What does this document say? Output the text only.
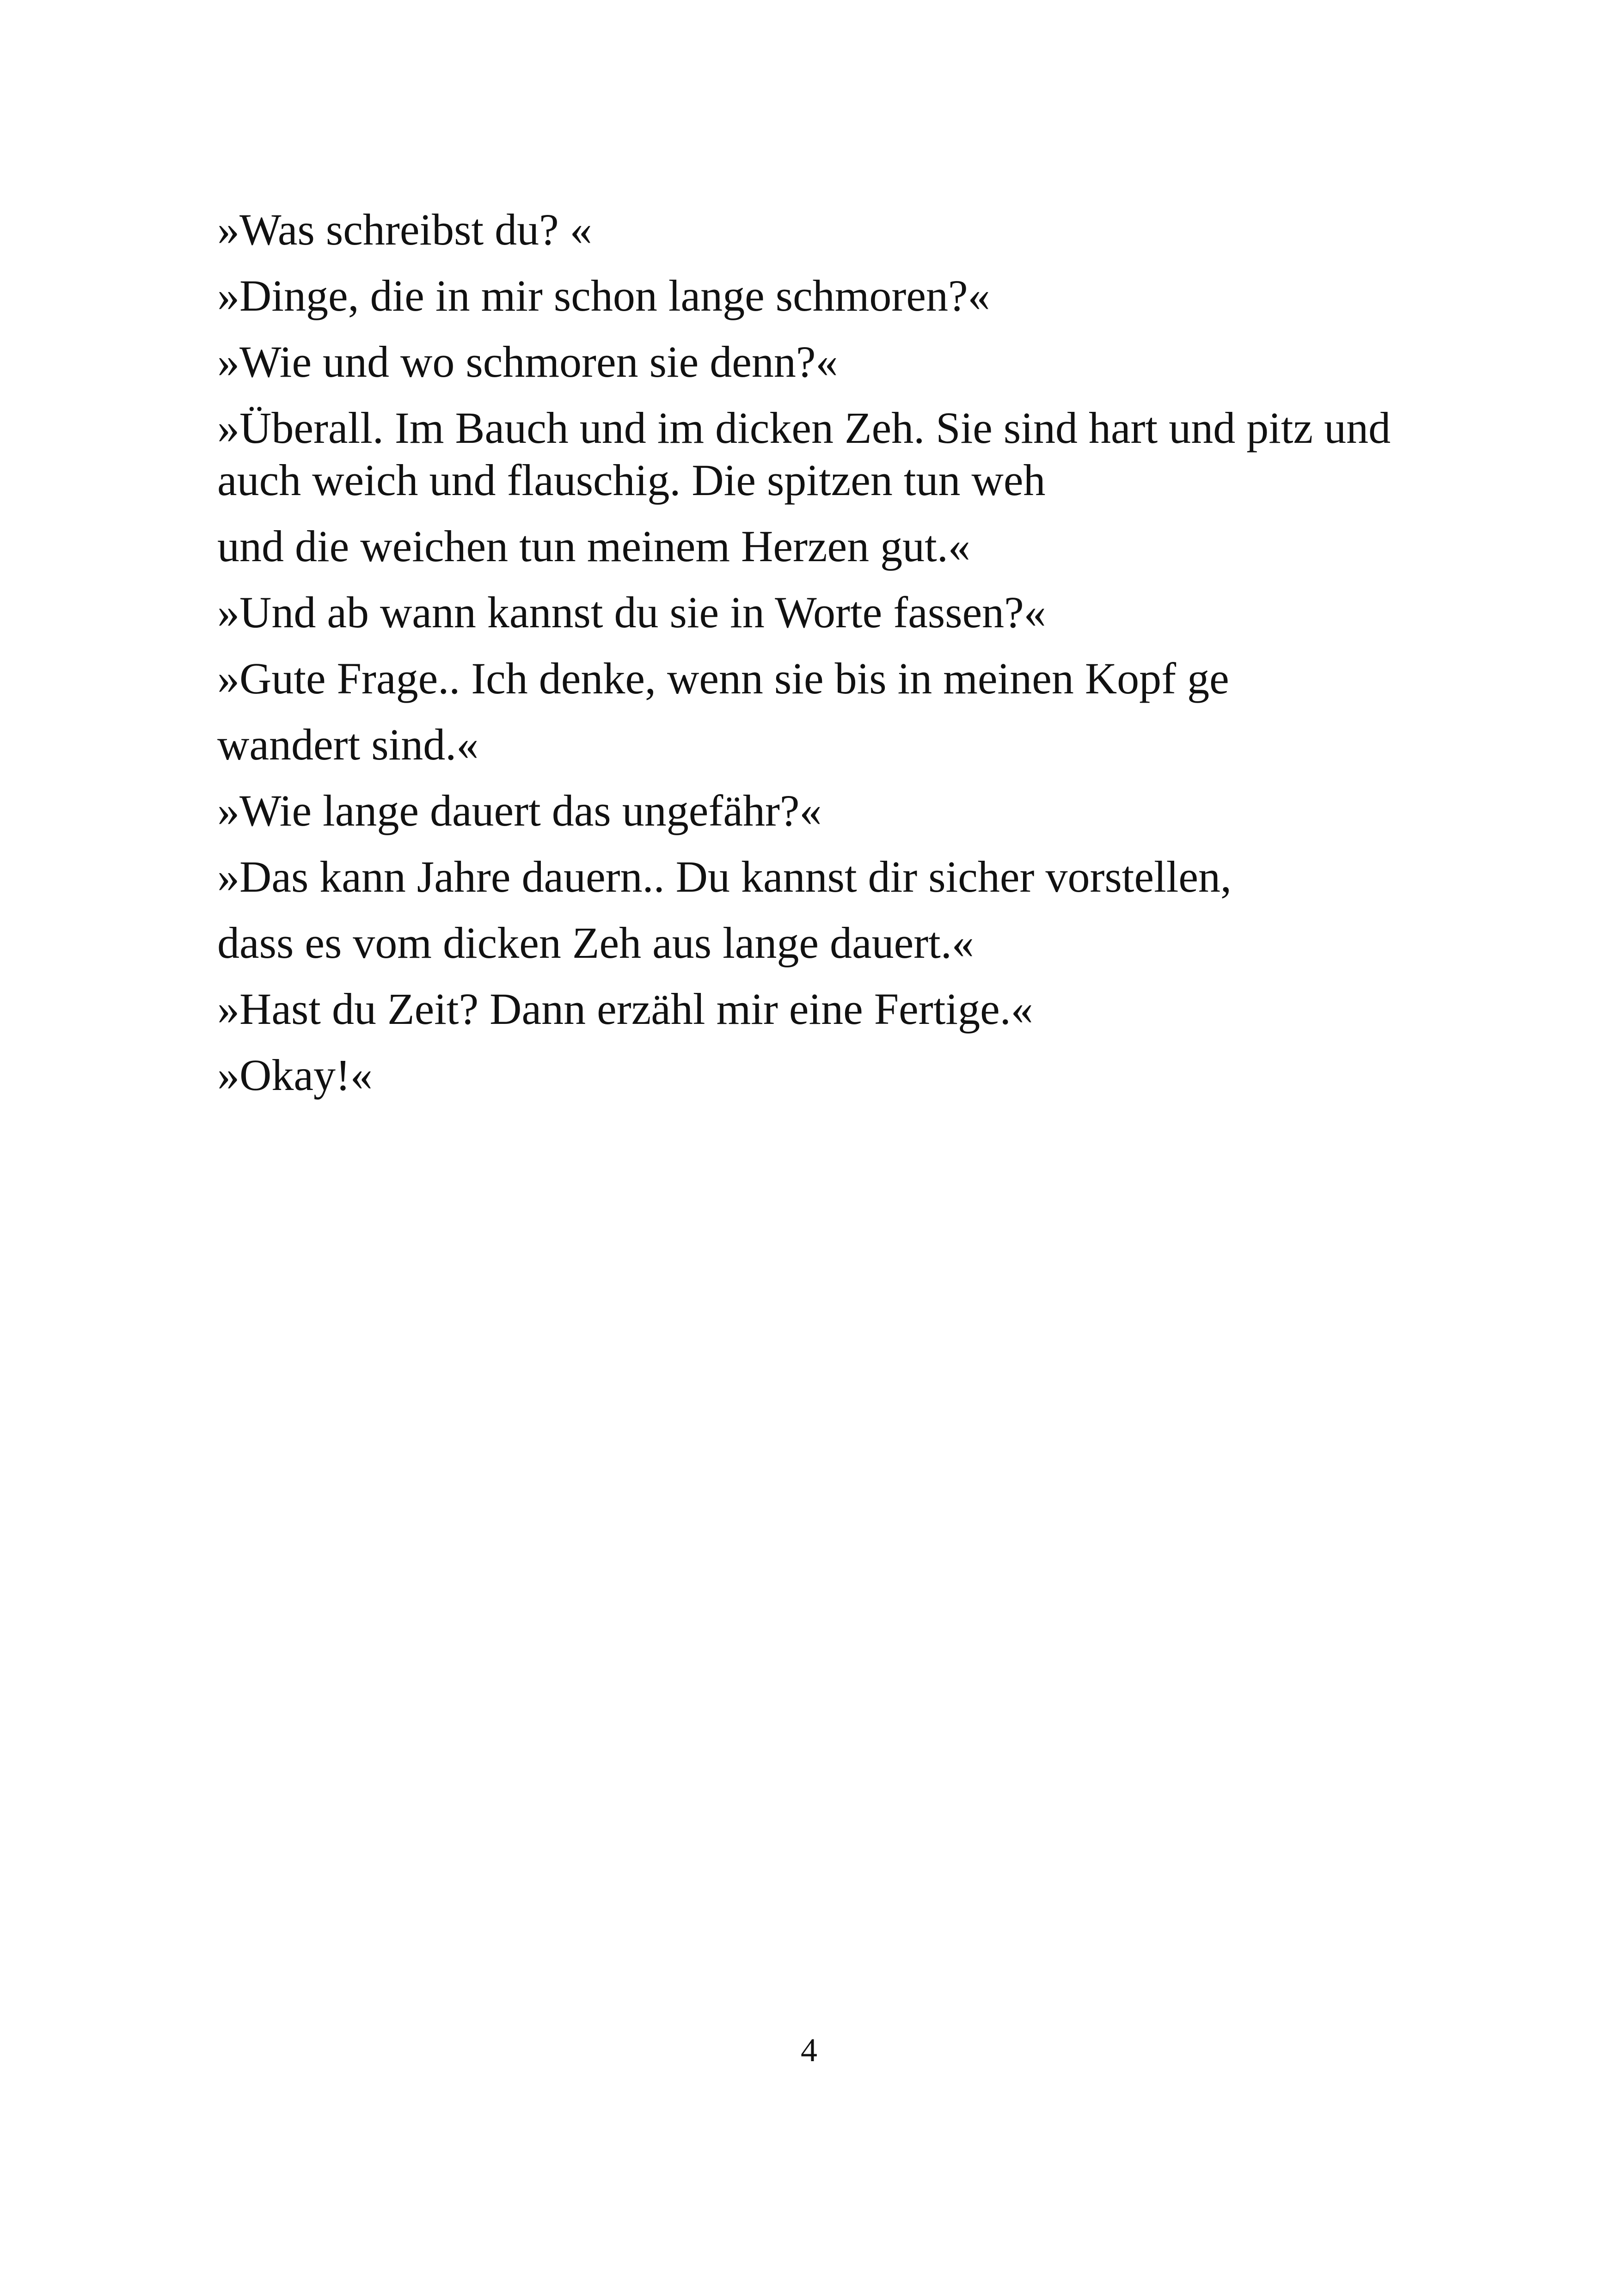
»Was schreibst du? «

»Dinge, die in mir schon lange schmoren?«

»Wie und wo schmoren sie denn?«

»Überall. Im Bauch und im dicken Zeh. Sie sind hart und pitz und
auch weich und flauschig. Die spitzen tun weh

und die weichen tun meinem Herzen gut.«

»Und ab wann kannst du sie in Worte fassen?«

»Gute Frage.. Ich denke, wenn sie bis in meinen Kopf ge

wandert sind.«

»Wie lange dauert das ungefähr?«

»Das kann Jahre dauern.. Du kannst dir sicher vorstellen,

dass es vom dicken Zeh aus lange dauert.«

»Hast du Zeit? Dann erzähl mir eine Fertige.«

»Okay!«

4
